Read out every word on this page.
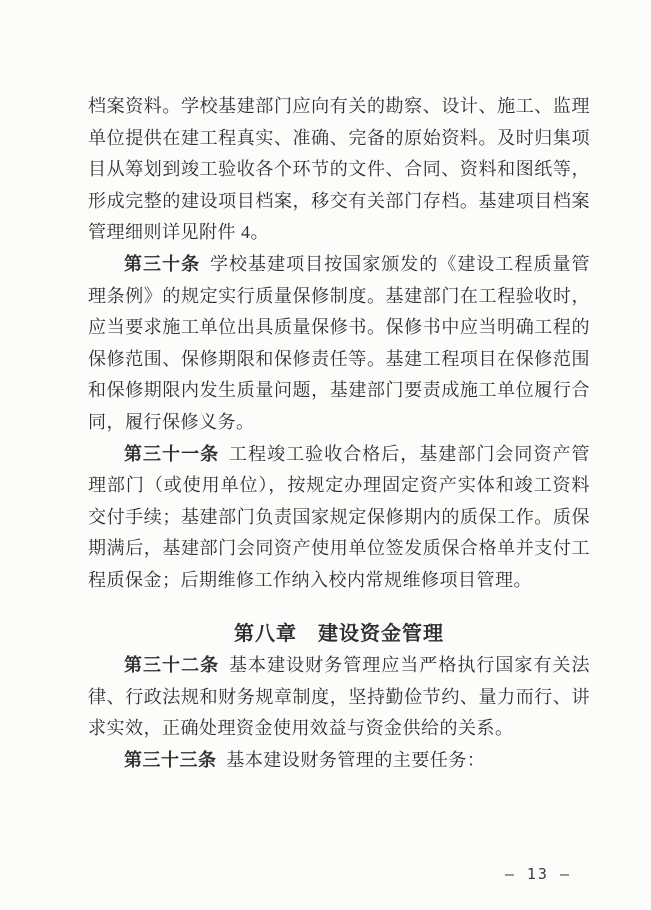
档案资料。学校基建部门应向有关的勘察、设计、施工、监理单位提供在建工程真实、准确、完备的原始资料。及时归集项目从筹划到竣工验收各个环节的文件、合同、资料和图纸等，形成完整的建设项目档案，移交有关部门存档。基建项目档案管理细则详见附件 4。

第三十条 学校基建项目按国家颁发的《建设工程质量管理条例》的规定实行质量保修制度。基建部门在工程验收时，应当要求施工单位出具质量保修书。保修书中应当明确工程的保修范围、保修期限和保修责任等。基建工程项目在保修范围和保修期限内发生质量问题，基建部门要责成施工单位履行合同，履行保修义务。

第三十一条 工程竣工验收合格后，基建部门会同资产管理部门（或使用单位），按规定办理固定资产实体和竣工资料交付手续；基建部门负责国家规定保修期内的质保工作。质保期满后，基建部门会同资产使用单位签发质保合格单并支付工程质保金；后期维修工作纳入校内常规维修项目管理。

第八章　建设资金管理

第三十二条 基本建设财务管理应当严格执行国家有关法律、行政法规和财务规章制度，坚持勤俭节约、量力而行、讲求实效，正确处理资金使用效益与资金供给的关系。

第三十三条 基本建设财务管理的主要任务：

– 13 –
